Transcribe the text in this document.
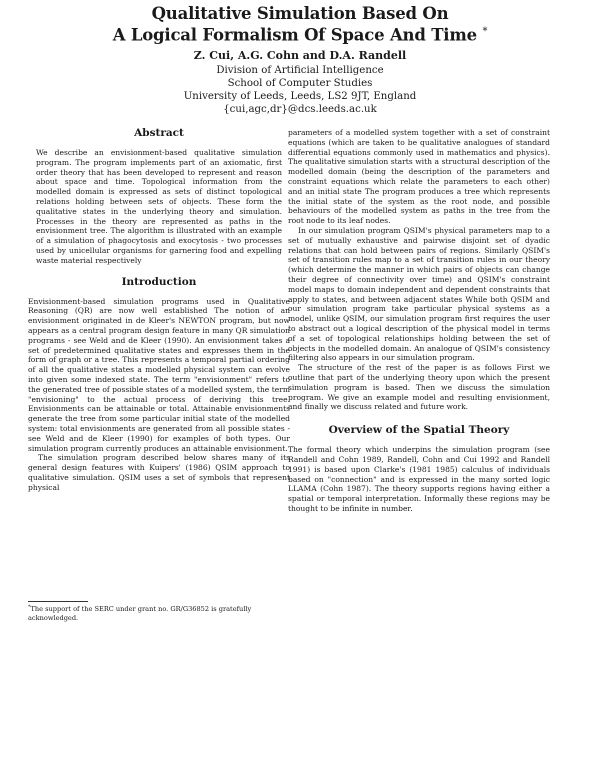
Qualitative Simulation Based On
A Logical Formalism Of Space And Time *
Z. Cui, A.G. Cohn and D.A. Randell
Division of Artificial Intelligence
School of Computer Studies
University of Leeds, Leeds, LS2 9JT, England
{cui,agc,dr}@dcs.leeds.ac.uk
Abstract

We describe an envisionment-based qualitative simulation program. The program implements part of an axiomatic, first order theory that has been developed to represent and reason about space and time. Topological information from the modelled domain is expressed as sets of distinct topological relations holding between sets of objects. These form the qualitative states in the underlying theory and simulation. Processes in the theory are represented as paths in the envisionment tree. The algorithm is illustrated with an example of a simulation of phagocytosis and exocytosis - two processes used by unicellular organisms for garnering food and expelling waste material respectively

Introduction

Envisionment-based simulation programs used in Qualitative Reasoning (QR) are now well established The notion of an envisionment originated in de Kleer's NEWTON program, but now appears as a central program design feature in many QR simulation programs - see Weld and de Kleer (1990). An envisionment takes a set of predetermined qualitative states and expresses them in the form of graph or a tree. This represents a temporal partial ordering of all the qualitative states a modelled physical system can evolve into given some indexed state. The term "envisionment" refers to the generated tree of possible states of a modelled system, the term "envisioning" to the actual process of deriving this tree. Envisionments can be attainable or total. Attainable envisionments generate the tree from some particular initial state of the modelled system: total envisionments are generated from all possible states - see Weld and de Kleer (1990) for examples of both types. Our simulation program currently produces an attainable envisionment.

The simulation program described below shares many of its general design features with Kuipers' (1986) QSIM approach to qualitative simulation. QSIM uses a set of symbols that represent physical

*The support of the SERC under grant no. GR/G36852 is gratefully acknowledged.

parameters of a modelled system together with a set of constraint equations (which are taken to be qualitative analogues of standard differential equations commonly used in mathematics and physics). The qualitative simulation starts with a structural description of the modelled domain (being the description of the parameters and constraint equations which relate the parameters to each other) and an initial state The program produces a tree which represents the initial state of the system as the root node, and possible behaviours of the modelled system as paths in the tree from the root node to its leaf nodes.

In our simulation program QSIM's physical parameters map to a set of mutually exhaustive and pairwise disjoint set of dyadic relations that can hold between pairs of regions. Similarly QSIM's set of transition rules map to a set of transition rules in our theory (which determine the manner in which pairs of objects can change their degree of connectivity over time) and QSIM's constraint model maps to domain independent and dependent constraints that apply to states, and between adjacent states While both QSIM and our simulation program take particular physical systems as a model, unlike QSIM, our simulation program first requires the user to abstract out a logical description of the physical model in terms of a set of topological relationships holding between the set of objects in the modelled domain. An analogue of QSIM's consistency filtering also appears in our simulation program.

The structure of the rest of the paper is as follows First we outline that part of the underlying theory upon which the present simulation program is based. Then we discuss the simulation program. We give an example model and resulting envisionment, and finally we discuss related and future work.

Overview of the Spatial Theory

The formal theory which underpins the simulation program (see Randell and Cohn 1989, Randell, Cohn and Cui 1992 and Randell 1991) is based upon Clarke's (1981 1985) calculus of individuals based on "connection" and is expressed in the many sorted logic LLAMA (Cohn 1987). The theory supports regions having either a spatial or temporal interpretation. Informally these regions may be thought to be infinite in number.
